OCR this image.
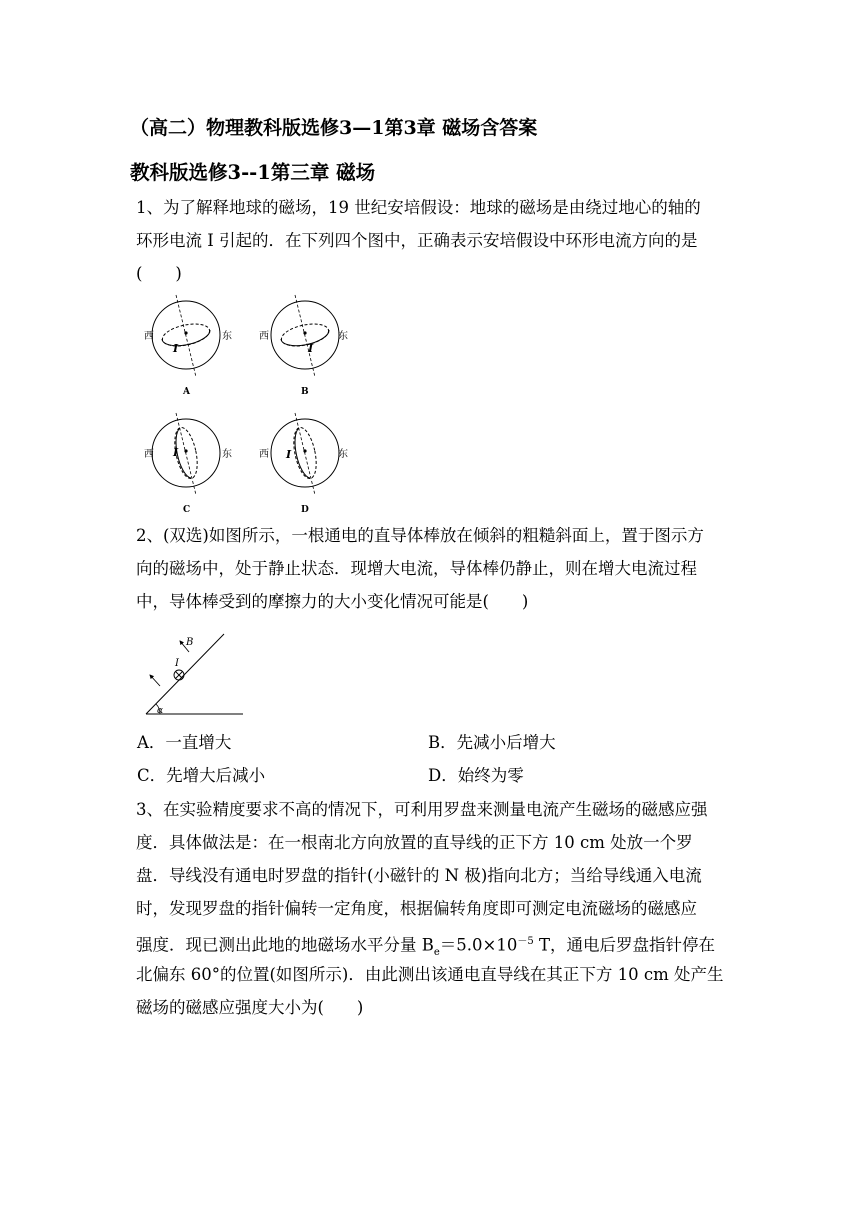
（高二）物理教科版选修3—1第3章 磁场含答案
教科版选修3--1第三章 磁场
1、为了解释地球的磁场，19 世纪安培假设：地球的磁场是由绕过地心的轴的
环形电流 I 引起的．在下列四个图中，正确表示安培假设中环形电流方向的是
(　　)
西	东
I
A
西	东
I
B
西	东
I
C
西	东
I
D
2、(双选)如图所示，一根通电的直导体棒放在倾斜的粗糙斜面上，置于图示方
向的磁场中，处于静止状态．现增大电流，导体棒仍静止，则在增大电流过程
中，导体棒受到的摩擦力的大小变化情况可能是(　　)
B
I
α
A．一直增大	B．先减小后增大
C．先增大后减小	D．始终为零
3、在实验精度要求不高的情况下，可利用罗盘来测量电流产生磁场的磁感应强
度．具体做法是：在一根南北方向放置的直导线的正下方 10 cm 处放一个罗
盘．导线没有通电时罗盘的指针(小磁针的 N 极)指向北方；当给导线通入电流
时，发现罗盘的指针偏转一定角度，根据偏转角度即可测定电流磁场的磁感应
强度．现已测出此地的地磁场水平分量 $B_e=5.0\times 10^{-5}$ T，通电后罗盘指针停在
北偏东 60°的位置(如图所示)．由此测出该通电直导线在其正下方 10 cm 处产生
磁场的磁感应强度大小为(　　)
